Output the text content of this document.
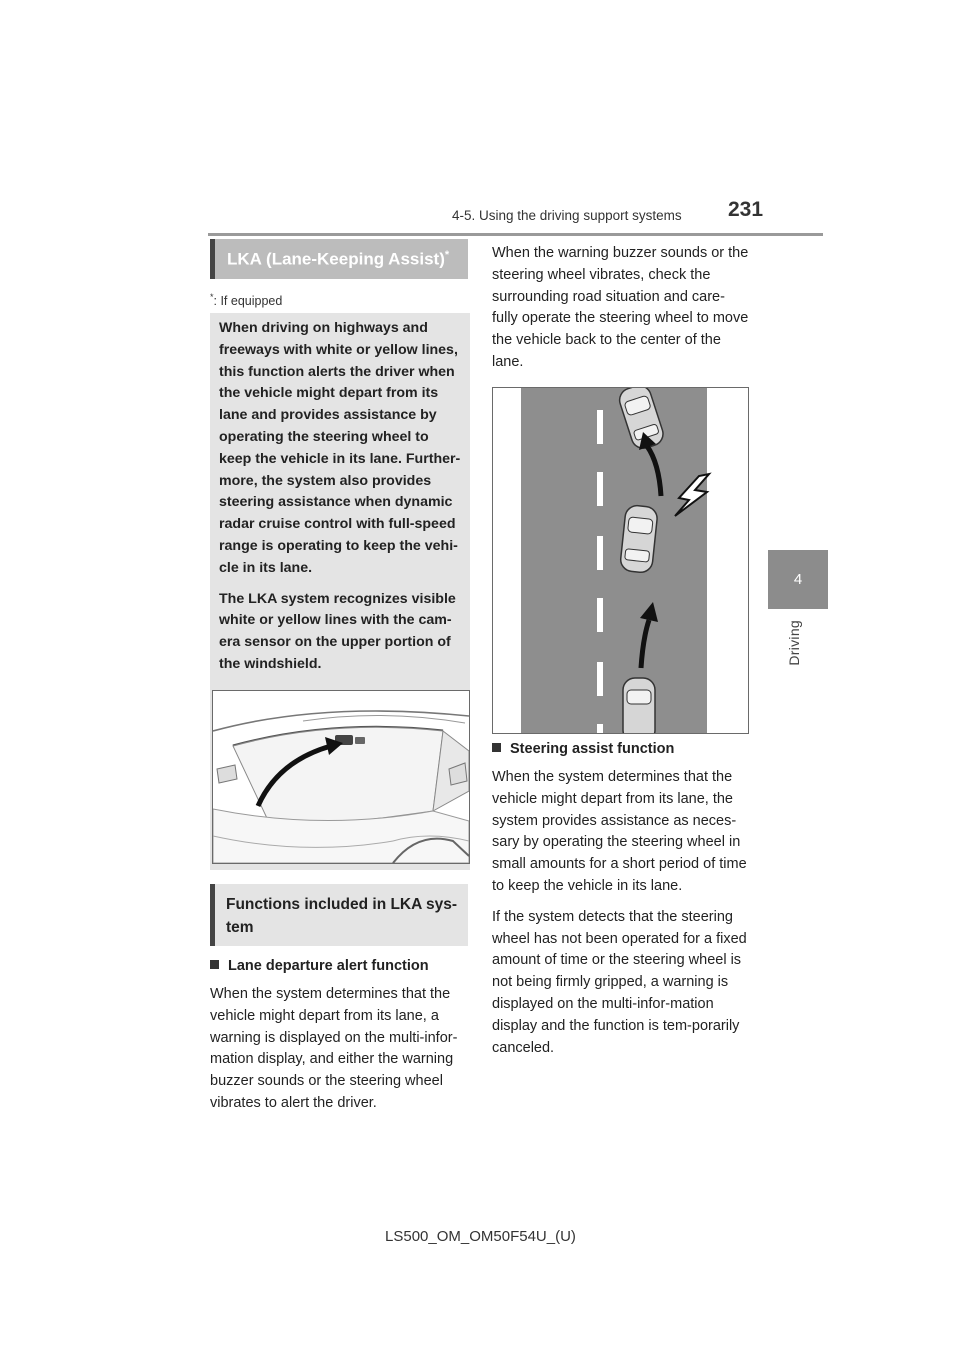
4-5. Using the driving support systems 231
4
Driving
LKA (Lane-Keeping Assist)*
*: If equipped

When driving on highways and freeways with white or yellow lines, this function alerts the driver when the vehicle might depart from its lane and provides assistance by operating the steering wheel to keep the vehicle in its lane. Further-more, the system also provides steering assistance when dynamic radar cruise control with full-speed range is operating to keep the vehi-cle in its lane.

The LKA system recognizes visible white or yellow lines with the cam-era sensor on the upper portion of the windshield.

Functions included in LKA sys-tem
Lane departure alert function

When the system determines that the vehicle might depart from its lane, a warning is displayed on the multi-infor-mation display, and either the warning buzzer sounds or the steering wheel vibrates to alert the driver.

When the warning buzzer sounds or the steering wheel vibrates, check the surrounding road situation and care-fully operate the steering wheel to move the vehicle back to the center of the lane.

Steering assist function

When the system determines that the vehicle might depart from its lane, the system provides assistance as neces-sary by operating the steering wheel in small amounts for a short period of time to keep the vehicle in its lane.

If the system detects that the steering wheel has not been operated for a fixed amount of time or the steering wheel is not being firmly gripped, a warning is displayed on the multi-infor-mation display and the function is tem-porarily canceled.

LS500_OM_OM50F54U_(U)
